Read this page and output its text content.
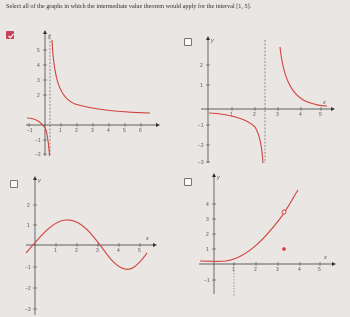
Select all of the graphs in which the intermediate value theorem would apply for the interval [1, 5].
y
−1	1	2	3	4	5	6
5
4
3
2
−1
−2
y
x
1	2	3	4	5
2
1
−1
−2
−3
y
x
1	2	3	4	5
2
1
−1
−2
−3
y
x
1	2	3	4	5
4
3
2
1
−1
